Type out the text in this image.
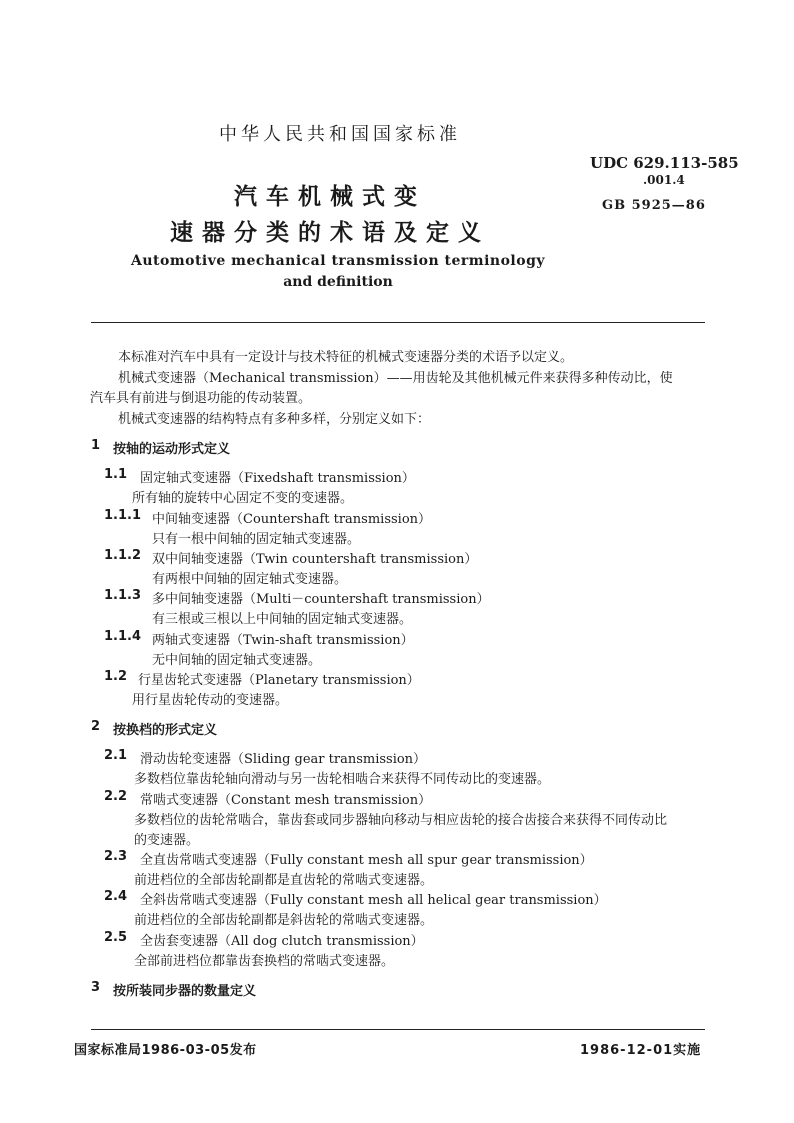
中华人民共和国国家标准
UDC 629.113-585
.001.4
GB 5925—86
汽车机械式变
速器分类的术语及定义
Automotive mechanical transmission terminology
and definition
本标准对汽车中具有一定设计与技术特征的机械式变速器分类的术语予以定义。
机械式变速器（Mechanical transmission）——用齿轮及其他机械元件来获得多种传动比，使
汽车具有前进与倒退功能的传动装置。
机械式变速器的结构特点有多种多样，分别定义如下：
1 按轴的运动形式定义
1.1 固定轴式变速器（Fixedshaft transmission）
所有轴的旋转中心固定不变的变速器。
1.1.1 中间轴变速器（Countershaft transmission）
只有一根中间轴的固定轴式变速器。
1.1.2 双中间轴变速器（Twin countershaft transmission）
有两根中间轴的固定轴式变速器。
1.1.3 多中间轴变速器（Multi－countershaft transmission）
有三根或三根以上中间轴的固定轴式变速器。
1.1.4 两轴式变速器（Twin-shaft transmission）
无中间轴的固定轴式变速器。
1.2 行星齿轮式变速器（Planetary transmission）
用行星齿轮传动的变速器。
2 按换档的形式定义
2.1 滑动齿轮变速器（Sliding gear transmission）
多数档位靠齿轮轴向滑动与另一齿轮相啮合来获得不同传动比的变速器。
2.2 常啮式变速器（Constant mesh transmission）
多数档位的齿轮常啮合，靠齿套或同步器轴向移动与相应齿轮的接合齿接合来获得不同传动比
的变速器。
2.3 全直齿常啮式变速器（Fully constant mesh all spur gear transmission）
前进档位的全部齿轮副都是直齿轮的常啮式变速器。
2.4 全斜齿常啮式变速器（Fully constant mesh all helical gear transmission）
前进档位的全部齿轮副都是斜齿轮的常啮式变速器。
2.5 全齿套变速器（All dog clutch transmission）
全部前进档位都靠齿套换档的常啮式变速器。
3 按所装同步器的数量定义
国家标准局1986-03-05发布	1986-12-01实施
